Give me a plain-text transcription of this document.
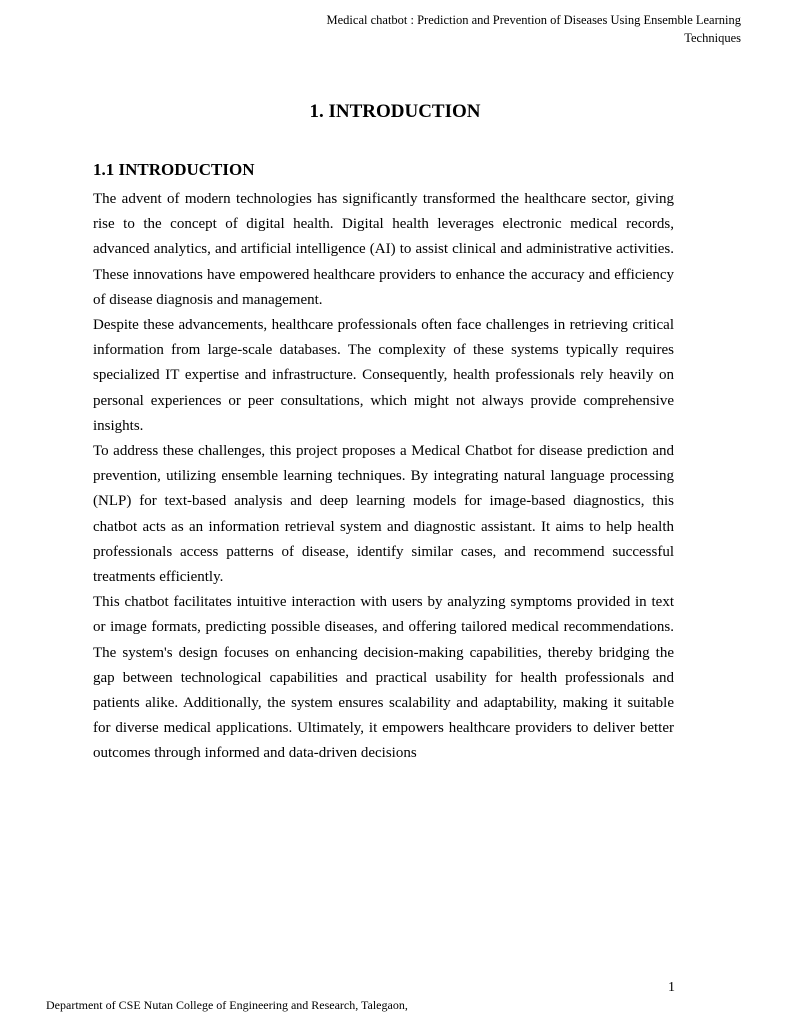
Medical chatbot : Prediction and Prevention of Diseases Using Ensemble Learning Techniques
1. INTRODUCTION
1.1 INTRODUCTION

The advent of modern technologies has significantly transformed the healthcare sector, giving rise to the concept of digital health. Digital health leverages electronic medical records, advanced analytics, and artificial intelligence (AI) to assist clinical and administrative activities. These innovations have empowered healthcare providers to enhance the accuracy and efficiency of disease diagnosis and management.

Despite these advancements, healthcare professionals often face challenges in retrieving critical information from large-scale databases. The complexity of these systems typically requires specialized IT expertise and infrastructure. Consequently, health professionals rely heavily on personal experiences or peer consultations, which might not always provide comprehensive insights.

To address these challenges, this project proposes a Medical Chatbot for disease prediction and prevention, utilizing ensemble learning techniques. By integrating natural language processing (NLP) for text-based analysis and deep learning models for image-based diagnostics, this chatbot acts as an information retrieval system and diagnostic assistant. It aims to help health professionals access patterns of disease, identify similar cases, and recommend successful treatments efficiently.

This chatbot facilitates intuitive interaction with users by analyzing symptoms provided in text or image formats, predicting possible diseases, and offering tailored medical recommendations. The system's design focuses on enhancing decision-making capabilities, thereby bridging the gap between technological capabilities and practical usability for health professionals and patients alike. Additionally, the system ensures scalability and adaptability, making it suitable for diverse medical applications. Ultimately, it empowers healthcare providers to deliver better outcomes through informed and data-driven decisions

1
Department of CSE Nutan College of Engineering and Research, Talegaon,
